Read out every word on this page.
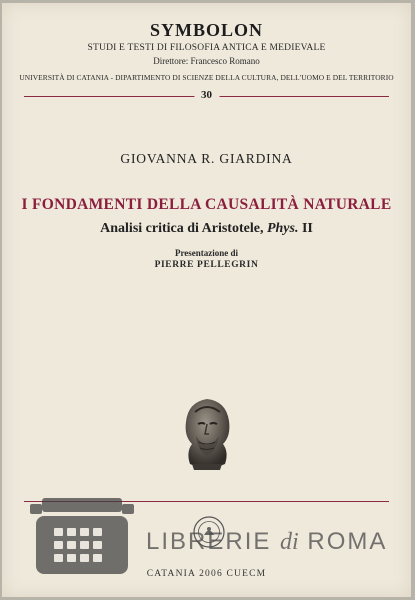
SYMBOLON
STUDI E TESTI DI FILOSOFIA ANTICA E MEDIEVALE
Direttore: Francesco Romano
UNIVERSITÀ DI CATANIA - DIPARTIMENTO DI SCIENZE DELLA CULTURA, DELL'UOMO E DEL TERRITORIO
30
GIOVANNA R. GIARDINA
I FONDAMENTI DELLA CAUSALITÀ NATURALE
Analisi critica di Aristotele, Phys. II
Presentazione di
PIERRE PELLEGRIN
CATANIA 2006 CUECM
LIBRERIE di ROMA
